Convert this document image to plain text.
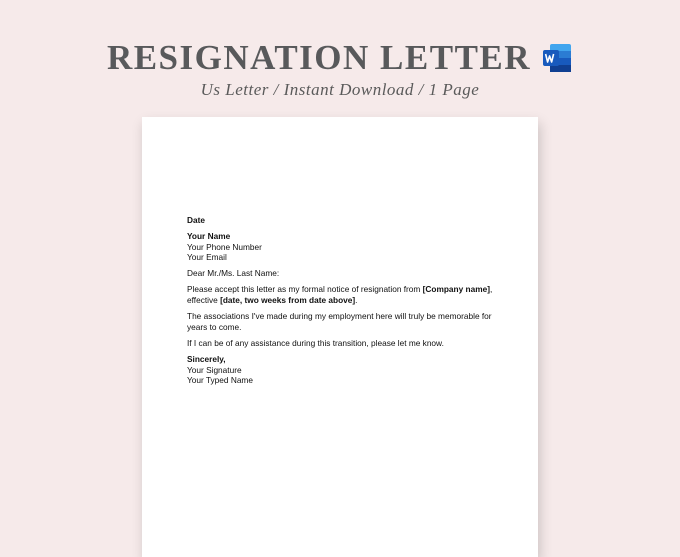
RESIGNATION LETTER
Us Letter / Instant Download / 1 Page

Date

Your Name

Your Phone Number

Your Email

Dear Mr./Ms. Last Name:

Please accept this letter as my formal notice of resignation from [Company name],

effective [date, two weeks from date above].

The associations I've made during my employment here will truly be memorable for

years to come.

If I can be of any assistance during this transition, please let me know.

Sincerely,

Your Signature

Your Typed Name
